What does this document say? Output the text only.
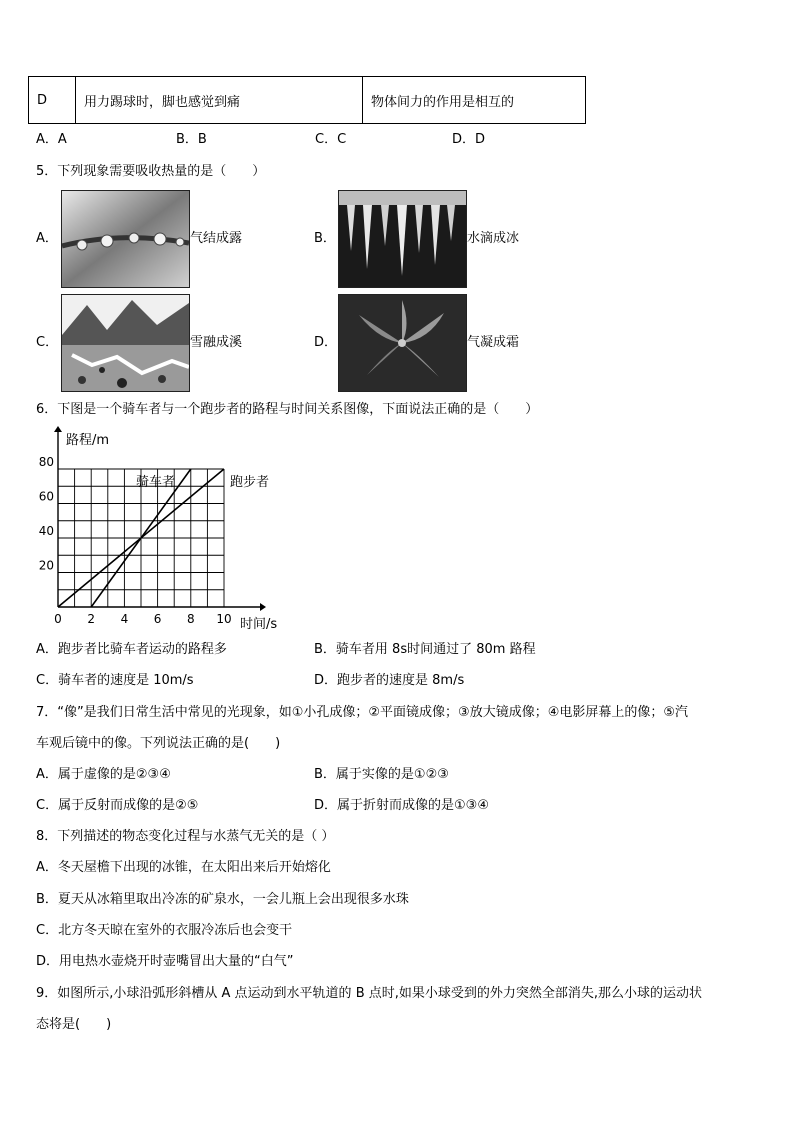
D	用力踢球时，脚也感觉到痛	物体间力的作用是相互的
A．A	B．B	C．C	D．D
5．下列现象需要吸收热量的是（　　）
A．	气结成露	B．	水滴成冰
C．	雪融成溪	D．	气凝成霜
6．下图是一个骑车者与一个跑步者的路程与时间关系图像，下面说法正确的是（　　）
路程/m
时间/s
0 2 4 6 8 10
20
40
60
80
骑车者	跑步者
A．跑步者比骑车者运动的路程多	B．骑车者用 8s时间通过了 80m 路程
C．骑车者的速度是 10m/s	D．跑步者的速度是 8m/s
7．“像”是我们日常生活中常见的光现象，如①小孔成像；②平面镜成像；③放大镜成像；④电影屏幕上的像；⑤汽
车观后镜中的像。下列说法正确的是(　　)
A．属于虚像的是②③④	B．属于实像的是①②③
C．属于反射而成像的是②⑤	D．属于折射而成像的是①③④
8．下列描述的物态变化过程与水蒸气无关的是（ ）
A．冬天屋檐下出现的冰锥，在太阳出来后开始熔化
B．夏天从冰箱里取出冷冻的矿泉水，一会儿瓶上会出现很多水珠
C．北方冬天晾在室外的衣服冷冻后也会变干
D．用电热水壶烧开时壶嘴冒出大量的“白气”
9．如图所示,小球沿弧形斜槽从 A 点运动到水平轨道的 B 点时,如果小球受到的外力突然全部消失,那么小球的运动状
态将是(　　)
